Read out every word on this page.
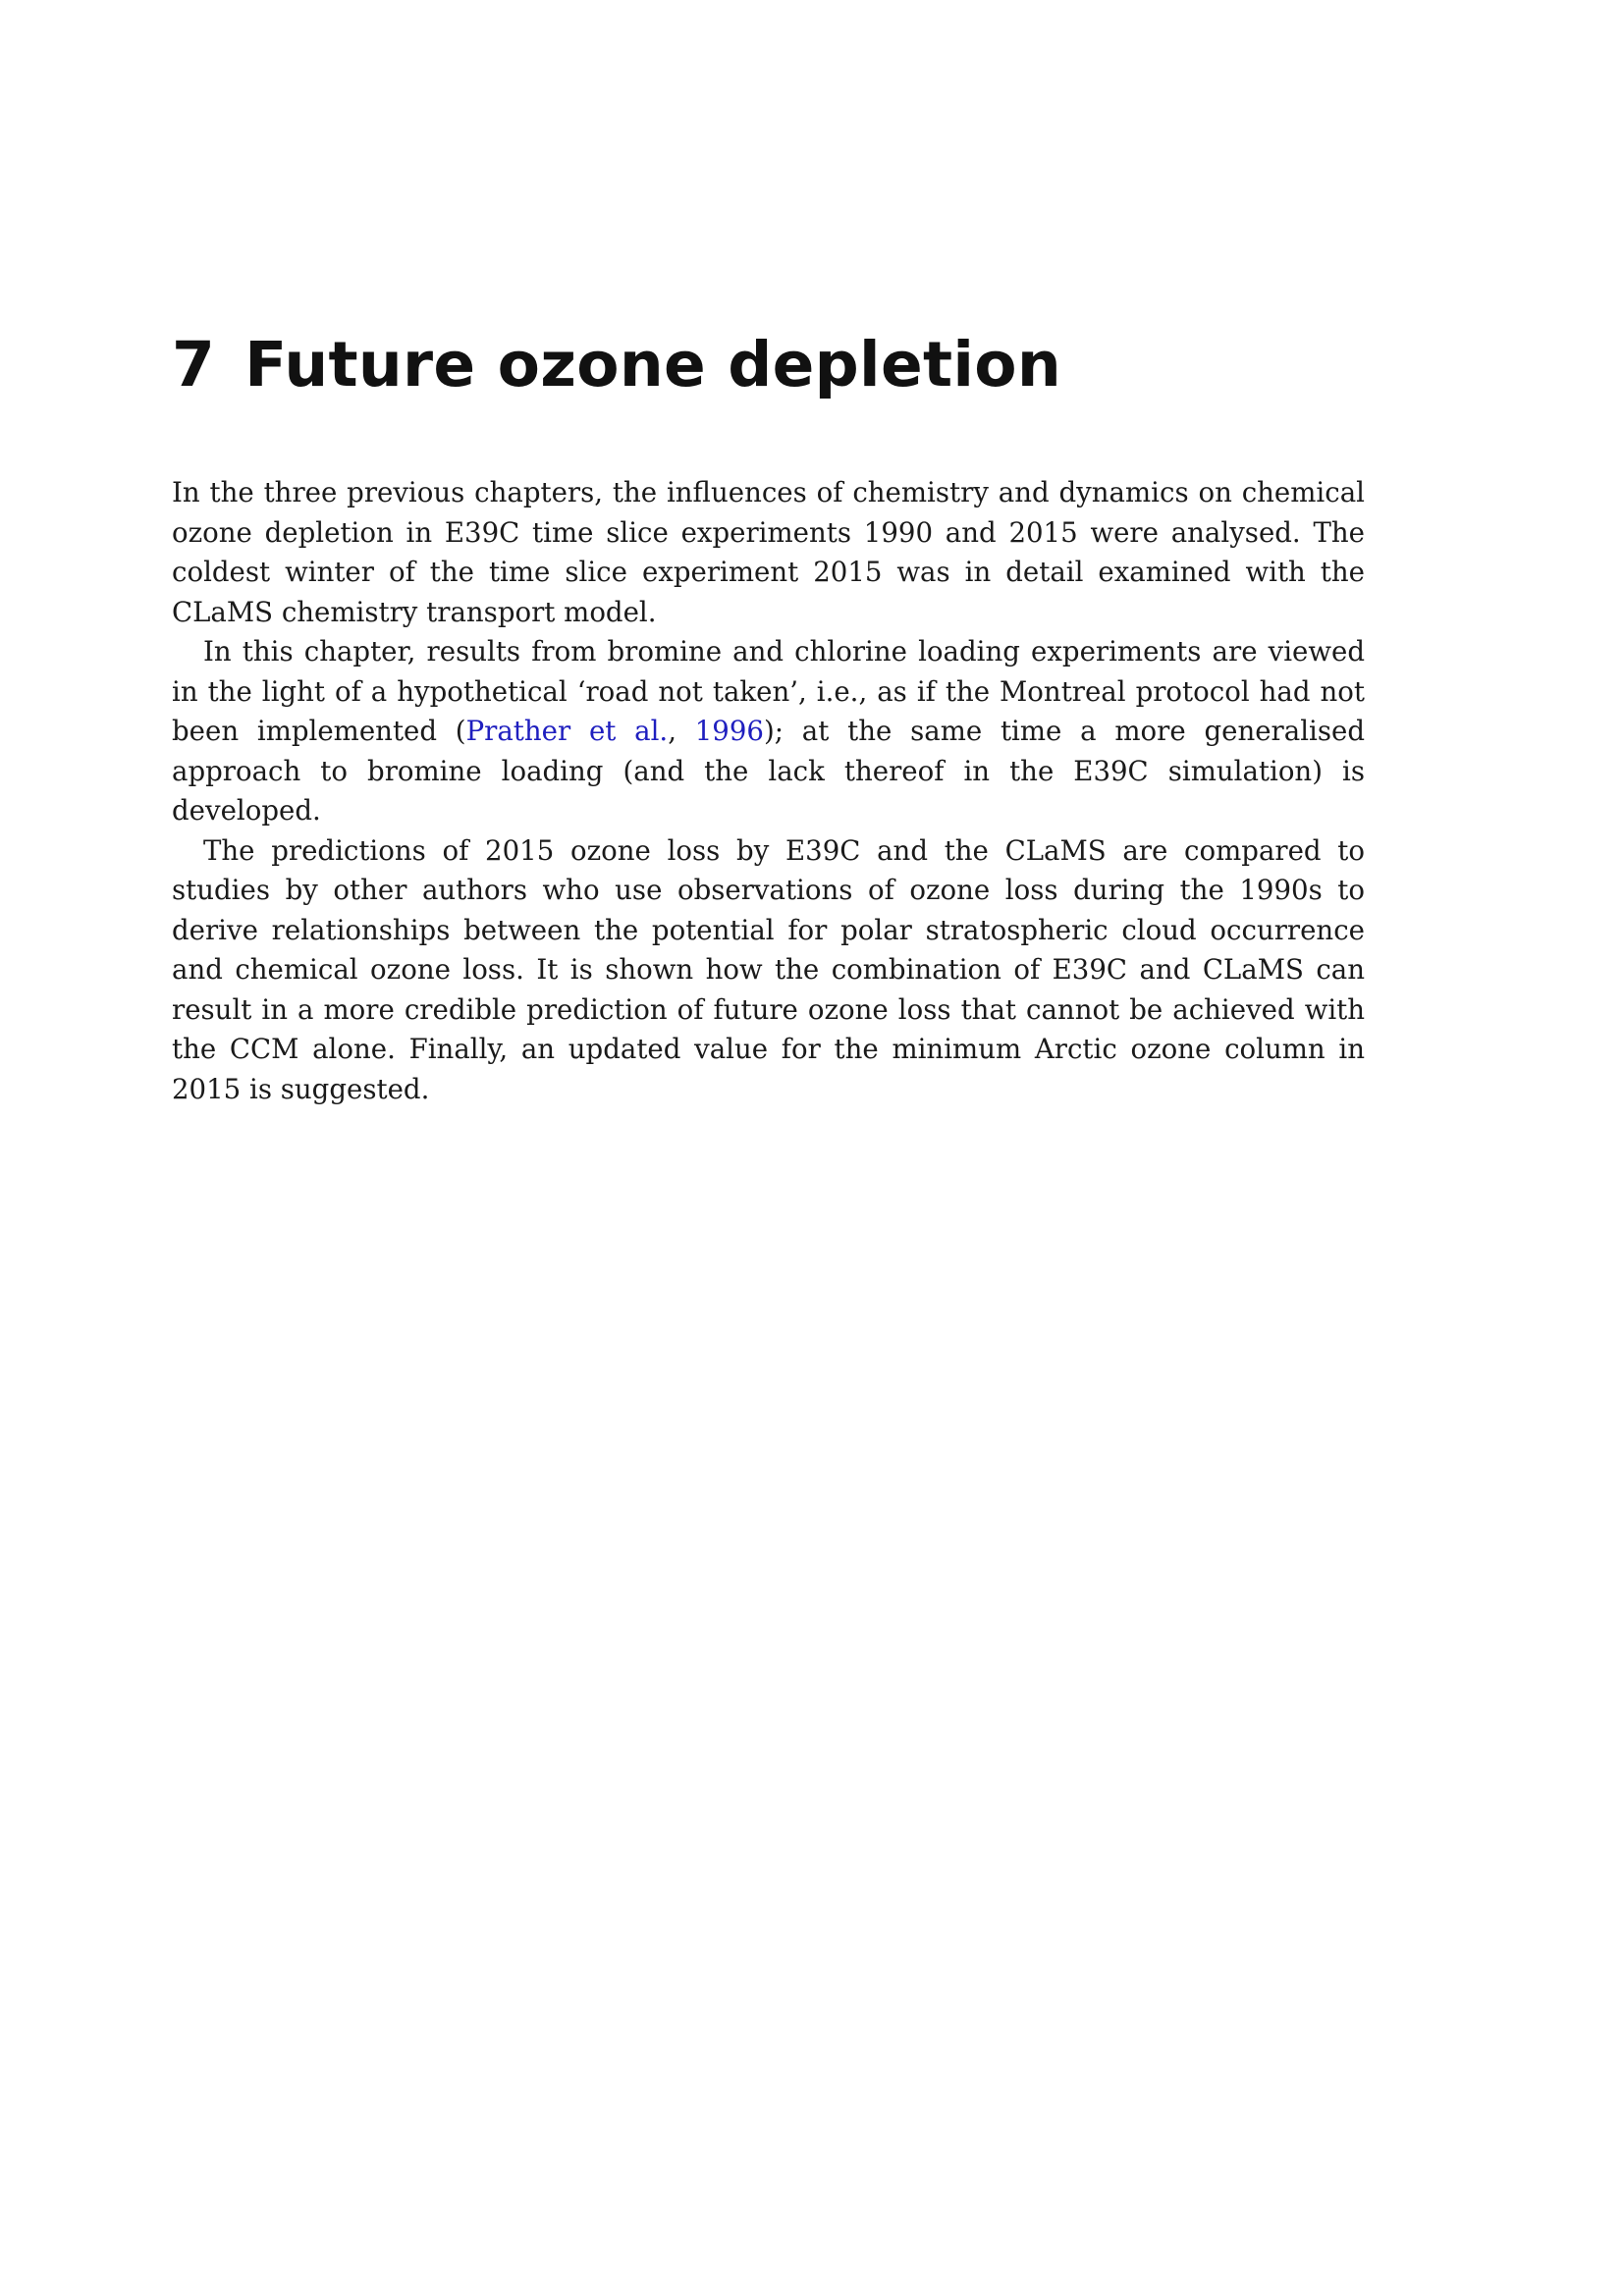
7 Future ozone depletion

In the three previous chapters, the influences of chemistry and dynamics on chemical ozone depletion in E39C time slice experiments 1990 and 2015 were analysed. The coldest winter of the time slice experiment 2015 was in detail examined with the CLaMS chemistry transport model.

In this chapter, results from bromine and chlorine loading experiments are viewed in the light of a hypothetical ‘road not taken’, i.e., as if the Montreal protocol had not been implemented (Prather et al., 1996); at the same time a more generalised approach to bromine loading (and the lack thereof in the E39C simulation) is developed.

The predictions of 2015 ozone loss by E39C and the CLaMS are compared to studies by other authors who use observations of ozone loss during the 1990s to derive relationships between the potential for polar stratospheric cloud occurrence and chemical ozone loss. It is shown how the combination of E39C and CLaMS can result in a more credible prediction of future ozone loss that cannot be achieved with the CCM alone. Finally, an updated value for the minimum Arctic ozone column in 2015 is suggested.
